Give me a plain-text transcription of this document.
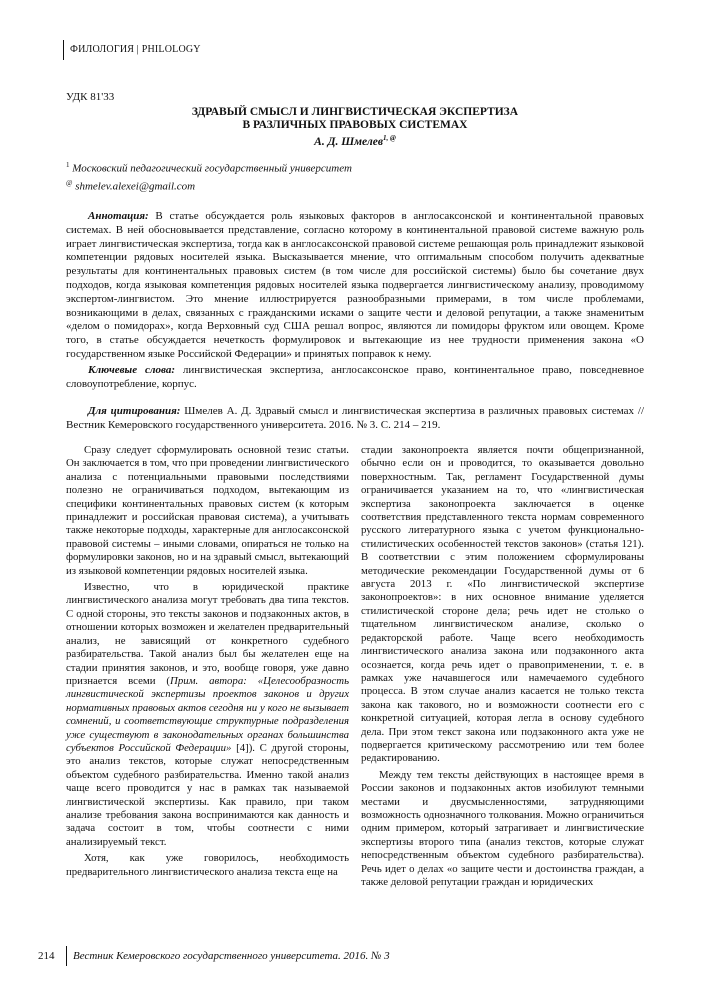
ФИЛОЛОГИЯ | PHILOLOGY
УДК 81'33
ЗДРАВЫЙ СМЫСЛ И ЛИНГВИСТИЧЕСКАЯ ЭКСПЕРТИЗА
В РАЗЛИЧНЫХ ПРАВОВЫХ СИСТЕМАХ
А. Д. Шмелев$^{1, @}$
$^1$ Московский педагогический государственный университет
@ shmelev.alexei@gmail.com
Аннотация: В статье обсуждается роль языковых факторов в англосаксонской и континентальной правовых системах. В ней обосновывается представление, согласно которому в континентальной правовой системе важную роль играет лингвистическая экспертиза, тогда как в англосаксонской правовой системе решающая роль принадлежит языковой компетенции рядовых носителей языка. Высказывается мнение, что оптимальным способом получить адекватные результаты для континентальных правовых систем (в том числе для российской системы) было бы сочетание двух подходов, когда языковая компетенция рядовых носителей языка подвергается лингвистическому анализу, проводимому экспертом-лингвистом. Это мнение иллюстрируется разнообразными примерами, в том числе проблемами, возникающими в делах, связанных с гражданскими исками о защите чести и деловой репутации, а также знаменитым «делом о помидорах», когда Верховный суд США решал вопрос, являются ли помидоры фруктом или овощем. Кроме того, в статье обсуждается нечеткость формулировок и вытекающие из нее трудности применения закона «О государственном языке Российской Федерации» и принятых поправок к нему.
Ключевые слова: лингвистическая экспертиза, англосаксонское право, континентальное право, повседневное словоупотребление, корпус.
Для цитирования: Шмелев А. Д. Здравый смысл и лингвистическая экспертиза в различных правовых системах // Вестник Кемеровского государственного университета. 2016. № 3. С. 214 – 219.

Сразу следует сформулировать основной тезис статьи. Он заключается в том, что при проведении лингвистического анализа с потенциальными правовыми последствиями полезно не ограничиваться подходом, вытекающим из специфики континентальных правовых систем (к которым принадлежит и российская правовая система), а учитывать также некоторые подходы, характерные для англосаксонской правовой системы – иными словами, опираться не только на формулировки законов, но и на здравый смысл, вытекающий из языковой компетенции рядовых носителей языка.

Известно, что в юридической практике лингвистического анализа могут требовать два типа текстов. С одной стороны, это тексты законов и подзаконных актов, в отношении которых возможен и желателен предварительный анализ, не зависящий от конкретного судебного разбирательства. Такой анализ был бы желателен еще на стадии принятия законов, и это, вообще говоря, уже давно признается всеми (Прим. автора: «Целесообразность лингвистической экспертизы проектов законов и других нормативных правовых актов сегодня ни у кого не вызывает сомнений, и соответствующие структурные подразделения уже существуют в законодательных органах большинства субъектов Российской Федерации» [4]). С другой стороны, это анализ текстов, которые служат непосредственным объектом судебного разбирательства. Именно такой анализ чаще всего проводится у нас в рамках так называемой лингвистической экспертизы. Как правило, при таком анализе требования закона воспринимаются как данность и задача состоит в том, чтобы соотнести с ними анализируемый текст.

Хотя, как уже говорилось, необходимость предварительного лингвистического анализа текста еще на

стадии законопроекта является почти общепризнанной, обычно если он и проводится, то оказывается довольно поверхностным. Так, регламент Государственной думы ограничивается указанием на то, что «лингвистическая экспертиза законопроекта заключается в оценке соответствия представленного текста нормам современного русского литературного языка с учетом функционально-стилистических особенностей текстов законов» (статья 121). В соответствии с этим положением сформулированы методические рекомендации Государственной думы от 6 августа 2013 г. «По лингвистической экспертизе законопроектов»: в них основное внимание уделяется стилистической стороне дела; речь идет не столько о тщательном лингвистическом анализе, сколько о редакторской работе. Чаще всего необходимость лингвистического анализа закона или подзаконного акта осознается, когда речь идет о правоприменении, т. е. в рамках уже начавшегося или намечаемого судебного процесса. В этом случае анализ касается не только текста закона как такового, но и возможности соотнести его с конкретной ситуацией, которая легла в основу судебного дела. При этом текст закона или подзаконного акта уже не подвергается критическому рассмотрению или тем более редактированию.

Между тем тексты действующих в настоящее время в России законов и подзаконных актов изобилуют темными местами и двусмысленностями, затрудняющими возможность однозначного толкования. Можно ограничиться одним примером, который затрагивает и лингвистические экспертизы второго типа (анализ текстов, которые служат непосредственным объектом судебного разбирательства). Речь идет о делах «о защите чести и достоинства граждан, а также деловой репутации граждан и юридических

214 Вестник Кемеровского государственного университета. 2016. № 3
